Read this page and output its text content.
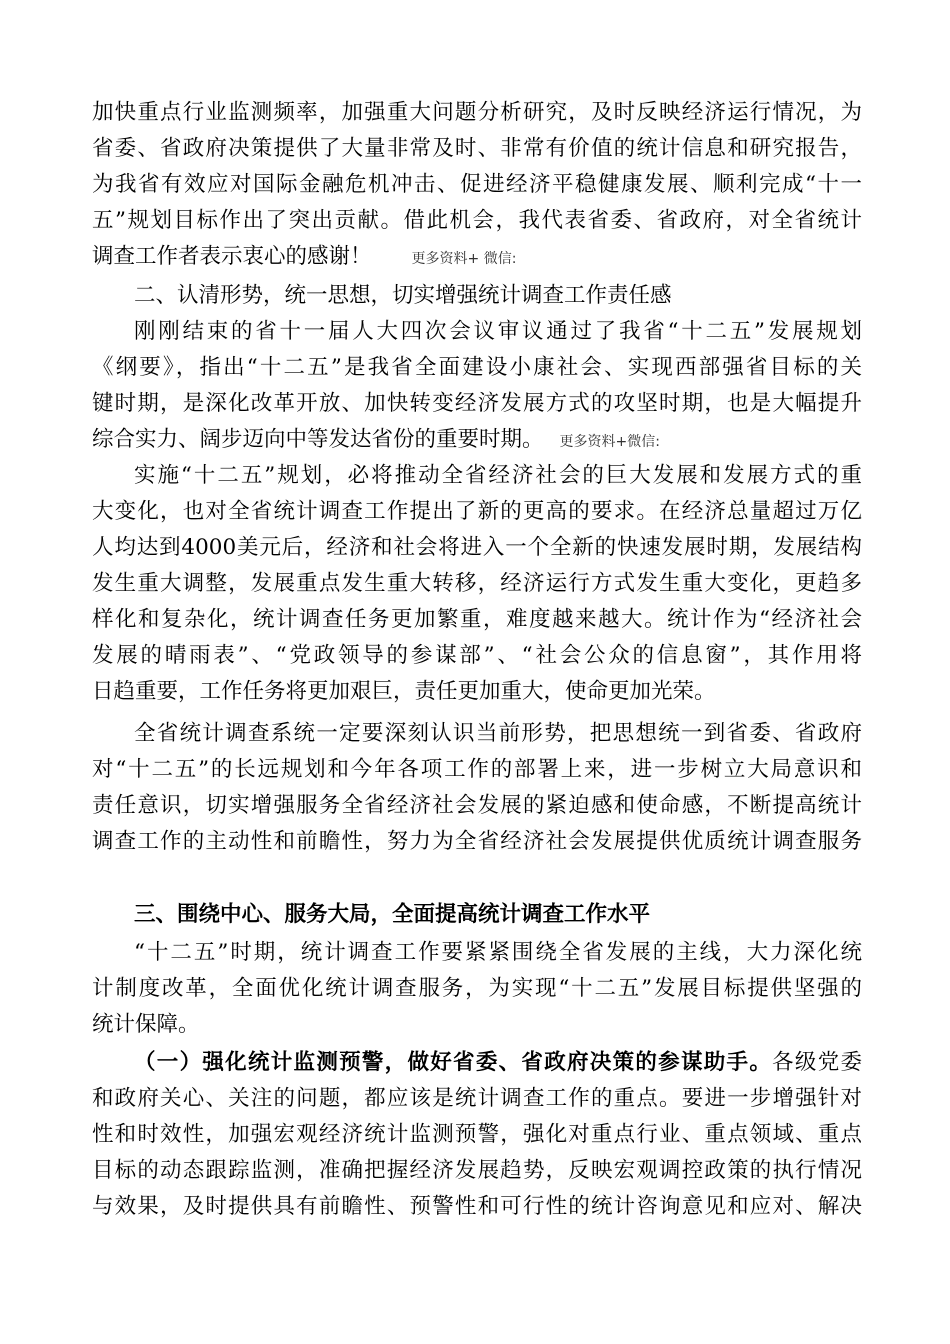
加快重点行业监测频率，加强重大问题分析研究，及时反映经济运行情况，为
省委、省政府决策提供了大量非常及时、非常有价值的统计信息和研究报告，
为我省有效应对国际金融危机冲击、促进经济平稳健康发展、顺利完成“十一
五”规划目标作出了突出贡献。借此机会，我代表省委、省政府，对全省统计
调查工作者表示衷心的感谢！	更多资料+ 微信:
二、认清形势，统一思想，切实增强统计调查工作责任感
刚刚结束的省十一届人大四次会议审议通过了我省“十二五”发展规划
《纲要》，指出“十二五”是我省全面建设小康社会、实现西部强省目标的关
键时期，是深化改革开放、加快转变经济发展方式的攻坚时期，也是大幅提升
综合实力、阔步迈向中等发达省份的重要时期。 更多资料+微信:
实施“十二五”规划，必将推动全省经济社会的巨大发展和发展方式的重
大变化，也对全省统计调查工作提出了新的更高的要求。在经济总量超过万亿
人均达到4000美元后，经济和社会将进入一个全新的快速发展时期，发展结构
发生重大调整，发展重点发生重大转移，经济运行方式发生重大变化，更趋多
样化和复杂化，统计调查任务更加繁重，难度越来越大。统计作为“经济社会
发展的晴雨表”、“党政领导的参谋部”、“社会公众的信息窗”，其作用将
日趋重要，工作任务将更加艰巨，责任更加重大，使命更加光荣。
全省统计调查系统一定要深刻认识当前形势，把思想统一到省委、省政府
对“十二五”的长远规划和今年各项工作的部署上来，进一步树立大局意识和
责任意识，切实增强服务全省经济社会发展的紧迫感和使命感，不断提高统计
调查工作的主动性和前瞻性，努力为全省经济社会发展提供优质统计调查服务
三、围绕中心、服务大局，全面提高统计调查工作水平
“十二五”时期，统计调查工作要紧紧围绕全省发展的主线，大力深化统
计制度改革，全面优化统计调查服务，为实现“十二五”发展目标提供坚强的
统计保障。
（一）强化统计监测预警，做好省委、省政府决策的参谋助手。各级党委
和政府关心、关注的问题，都应该是统计调查工作的重点。要进一步增强针对
性和时效性，加强宏观经济统计监测预警，强化对重点行业、重点领域、重点
目标的动态跟踪监测，准确把握经济发展趋势，反映宏观调控政策的执行情况
与效果，及时提供具有前瞻性、预警性和可行性的统计咨询意见和应对、解决
